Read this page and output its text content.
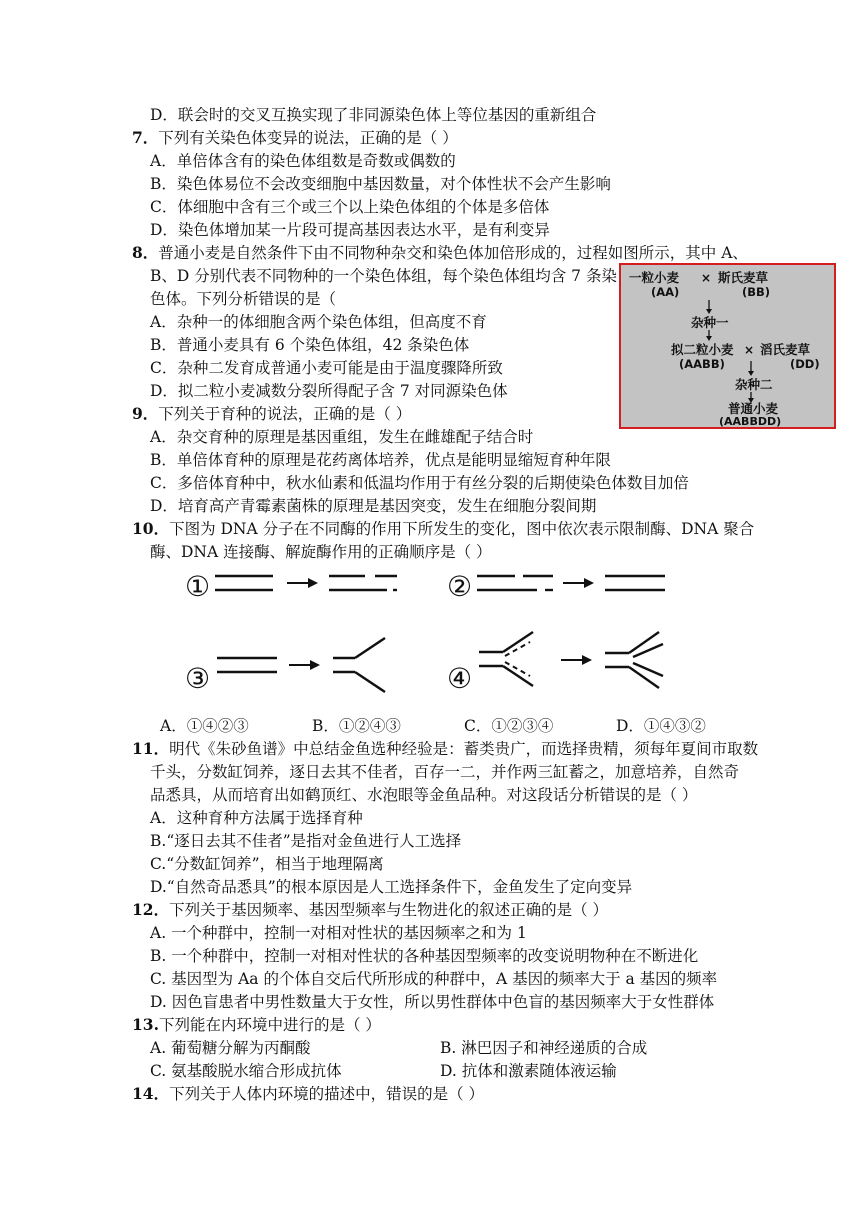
D．联会时的交叉互换实现了非同源染色体上等位基因的重新组合
7．下列有关染色体变异的说法，正确的是（ ）
A．单倍体含有的染色体组数是奇数或偶数的
B．染色体易位不会改变细胞中基因数量，对个体性状不会产生影响
C．体细胞中含有三个或三个以上染色体组的个体是多倍体
D．染色体增加某一片段可提高基因表达水平，是有利变异
8．普通小麦是自然条件下由不同物种杂交和染色体加倍形成的，过程如图所示，其中 A、
B、D 分别代表不同物种的一个染色体组，每个染色体组均含 7 条染
色体。下列分析错误的是（
A．杂种一的体细胞含两个染色体组，但高度不育
B．普通小麦具有 6 个染色体组，42 条染色体
C．杂种二发育成普通小麦可能是由于温度骤降所致
D．拟二粒小麦减数分裂所得配子含 7 对同源染色体
9．下列关于育种的说法，正确的是（ ）
A．杂交育种的原理是基因重组，发生在雌雄配子结合时
B．单倍体育种的原理是花药离体培养，优点是能明显缩短育种年限
C．多倍体育种中，秋水仙素和低温均作用于有丝分裂的后期使染色体数目加倍
D．培育高产青霉素菌株的原理是基因突变，发生在细胞分裂间期
10．下图为 DNA 分子在不同酶的作用下所发生的变化，图中依次表示限制酶、DNA 聚合
酶、DNA 连接酶、解旋酶作用的正确顺序是（ ）
一粒小麦 × 斯氏麦草
(AA)	(BB)
杂种一
拟二粒小麦 × 滔氏麦草
(AABB)	(DD)
杂种二
普通小麦
(AABBDD)
①	②
③	④
A．①④②③	B．①②④③	C．①②③④	D．①④③②
11．明代《朱砂鱼谱》中总结金鱼选种经验是：蓄类贵广，而选择贵精，须每年夏间市取数
千头，分数缸饲养，逐日去其不佳者，百存一二，并作两三缸蓄之，加意培养，自然奇
品悉具，从而培育出如鹤顶红、水泡眼等金鱼品种。对这段话分析错误的是（ ）
A．这种育种方法属于选择育种
B.“逐日去其不佳者”是指对金鱼进行人工选择
C.“分数缸饲养”，相当于地理隔离
D.“自然奇品悉具”的根本原因是人工选择条件下，金鱼发生了定向变异
12．下列关于基因频率、基因型频率与生物进化的叙述正确的是（ ）
A. 一个种群中，控制一对相对性状的基因频率之和为 1
B. 一个种群中，控制一对相对性状的各种基因型频率的改变说明物种在不断进化
C. 基因型为 Aa 的个体自交后代所形成的种群中，A 基因的频率大于 a 基因的频率
D. 因色盲患者中男性数量大于女性，所以男性群体中色盲的基因频率大于女性群体
13.下列能在内环境中进行的是（ ）
A. 葡萄糖分解为丙酮酸	B. 淋巴因子和神经递质的合成
C. 氨基酸脱水缩合形成抗体	D. 抗体和激素随体液运输
14．下列关于人体内环境的描述中，错误的是（ ）
